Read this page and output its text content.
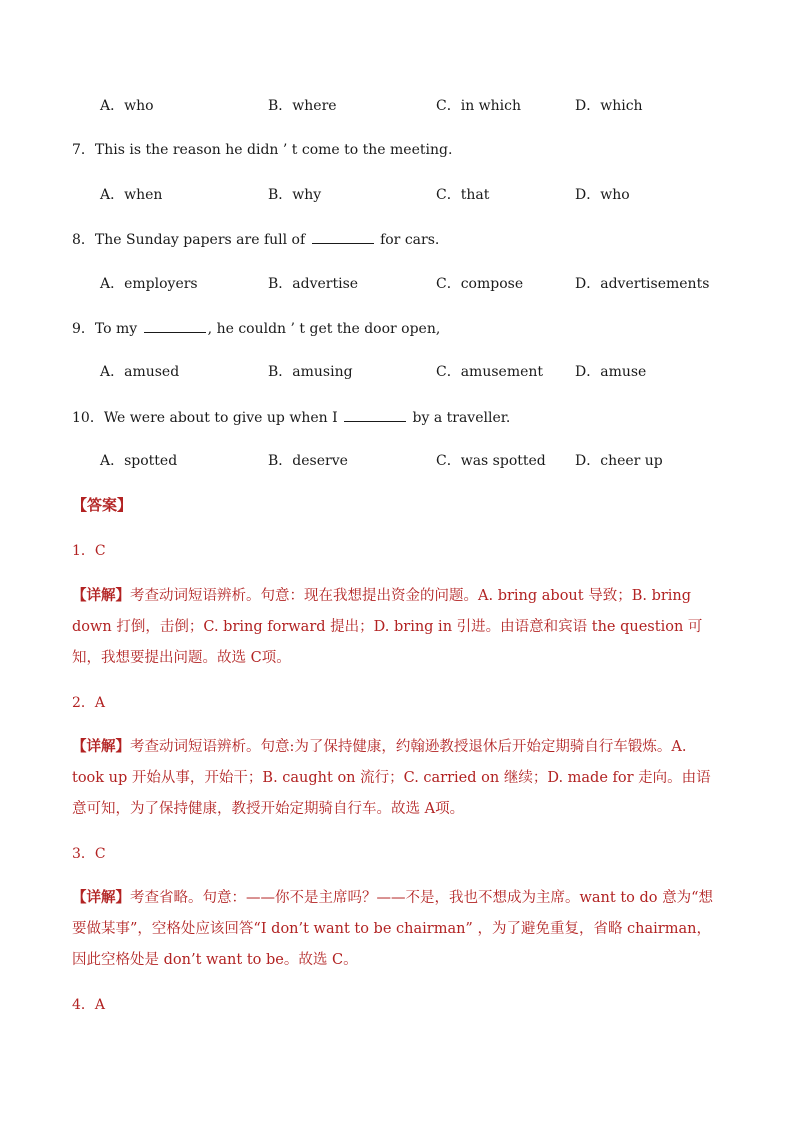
A．who	B．where	C．in which	D．which
7．This is the reason he didn ’ t come to the meeting.
A．when	B．why	C．that	D．who
8．The Sunday papers are full of	for cars.
A．employers	B．advertise	C．compose	D．advertisements
9．To my	, he couldn ’ t get the door open,
A．amused	B．amusing	C．amusement D．amuse
10．We were about to give up when I	by a traveller.
A．spotted	B．deserve	C．was spotted D．cheer up
【答案】
1．C
【详解】考查动词短语辨析。句意：现在我想提出资金的问题。A. bring about 导致；B. bring down 打倒，击倒；C. bring forward 提出；D. bring in 引进。由语意和宾语 the question 可知，我想要提出问题。故选 C项。
2．A
【详解】考查动词短语辨析。句意:为了保持健康，约翰逊教授退休后开始定期骑自行车锻炼。A. took up 开始从事，开始干；B. caught on 流行；C. carried on 继续；D. made for 走向。由语意可知，为了保持健康，教授开始定期骑自行车。故选 A项。
3．C
【详解】考查省略。句意：——你不是主席吗？——不是，我也不想成为主席。want to do 意为“想要做某事”，空格处应该回答“I don’t want to be chairman” ，为了避免重复，省略 chairman，因此空格处是 don’t want to be。故选 C。
4．A
